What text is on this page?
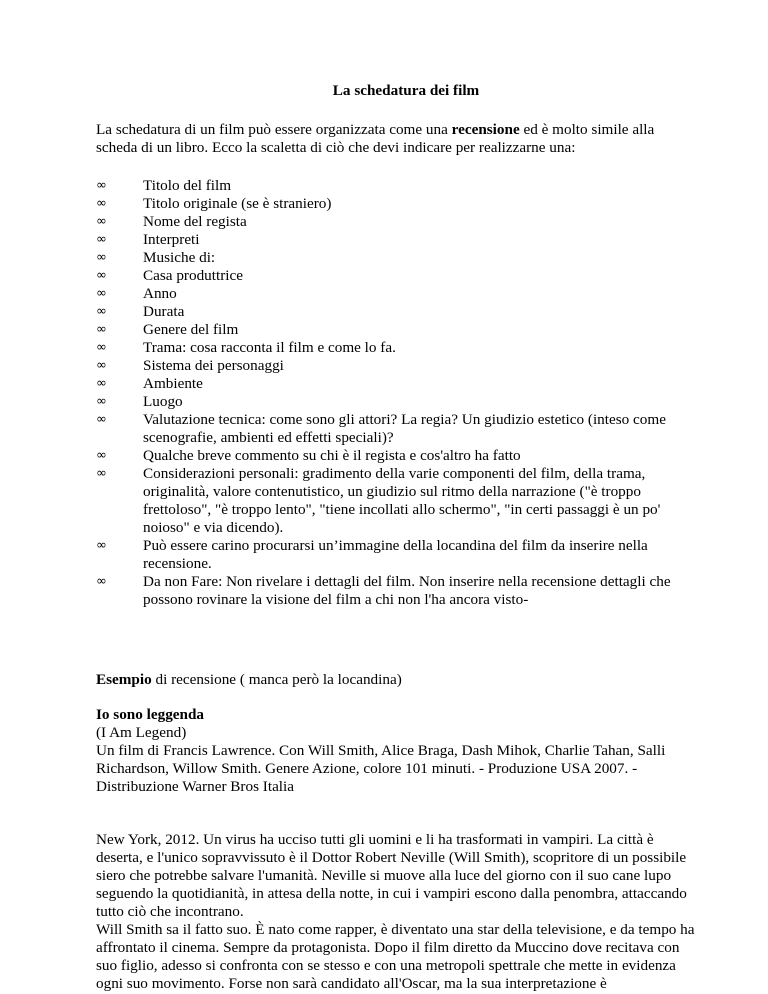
La schedatura dei film

La schedatura di un film può essere organizzata come una recensione ed è molto simile alla scheda di un libro. Ecco la scaletta di ciò che devi indicare per realizzarne una:

∞	Titolo del film
∞	Titolo originale (se è straniero)
∞	Nome del regista
∞	Interpreti
∞	Musiche di:
∞	Casa produttrice
∞	Anno
∞	Durata
∞	Genere del film
∞	Trama: cosa racconta il film e come lo fa.
∞	Sistema dei personaggi
∞	Ambiente
∞	Luogo
∞	Valutazione tecnica: come sono gli attori? La regia? Un giudizio estetico (inteso come scenografie, ambienti ed effetti speciali)?
∞	Qualche breve commento su chi è il regista e cos'altro ha fatto
∞	Considerazioni personali: gradimento della varie componenti del film, della trama, originalità, valore contenutistico, un giudizio sul ritmo della narrazione ("è troppo frettoloso", "è troppo lento", "tiene incollati allo schermo", "in certi passaggi è un po' noioso" e via dicendo).
∞	Può essere carino procurarsi un’immagine della locandina del film da inserire nella recensione.
∞	Da non Fare: Non rivelare i dettagli del film. Non inserire nella recensione dettagli che possono rovinare la visione del film a chi non l'ha ancora visto-

Esempio di recensione ( manca però la locandina)

Io sono leggenda
(I Am Legend)
Un film di Francis Lawrence. Con Will Smith, Alice Braga, Dash Mihok, Charlie Tahan, Salli Richardson, Willow Smith. Genere Azione, colore 101 minuti. - Produzione USA 2007. - Distribuzione Warner Bros Italia

New York, 2012. Un virus ha ucciso tutti gli uomini e li ha trasformati in vampiri. La città è deserta, e l'unico sopravvissuto è il Dottor Robert Neville (Will Smith), scopritore di un possibile siero che potrebbe salvare l'umanità. Neville si muove alla luce del giorno con il suo cane lupo seguendo la quotidianità, in attesa della notte, in cui i vampiri escono dalla penombra, attaccando tutto ciò che incontrano.

Will Smith sa il fatto suo. È nato come rapper, è diventato una star della televisione, e da tempo ha affrontato il cinema. Sempre da protagonista. Dopo il film diretto da Muccino dove recitava con suo figlio, adesso si confronta con se stesso e con una metropoli spettrale che mette in evidenza ogni suo movimento. Forse non sarà candidato all'Oscar, ma la sua interpretazione è
